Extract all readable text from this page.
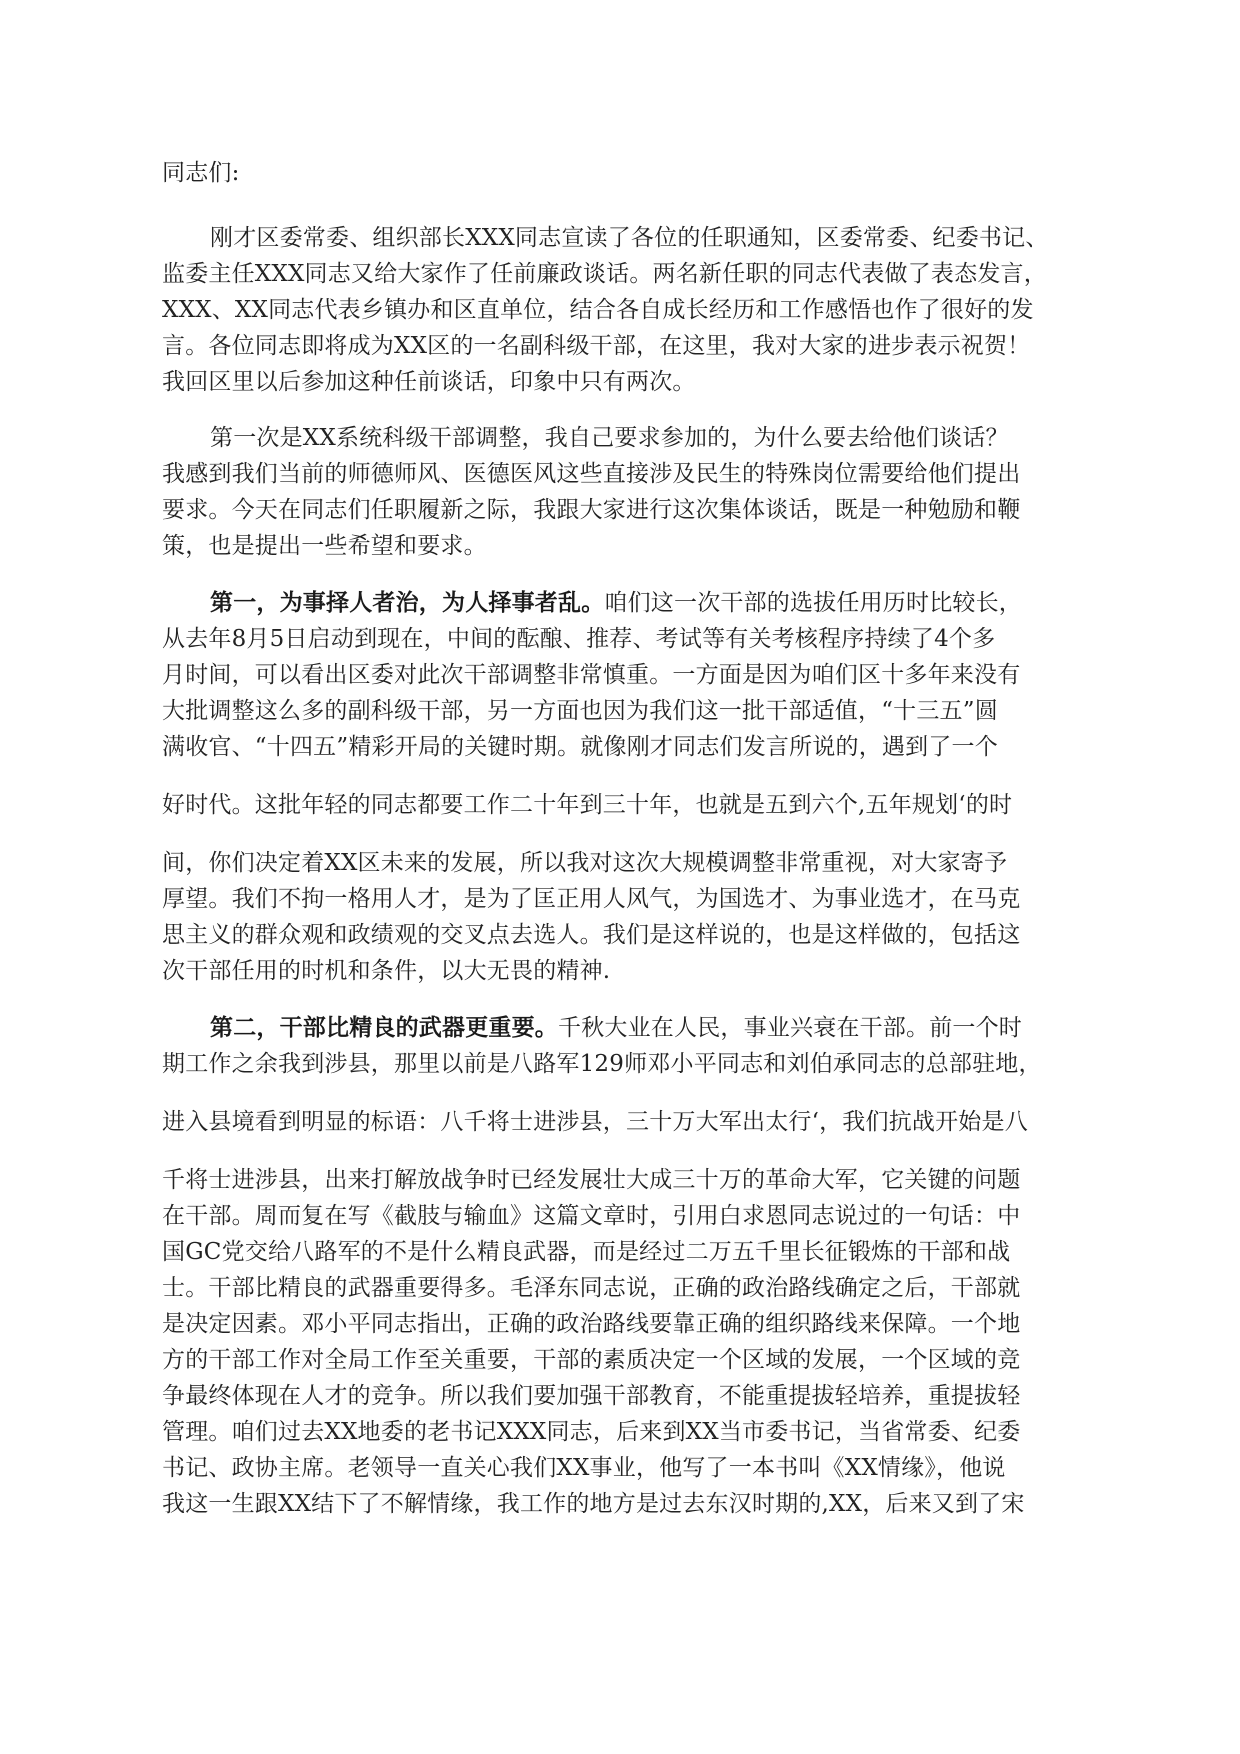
同志们:
刚才区委常委、组织部长XXX同志宣读了各位的任职通知，区委常委、纪委书记、
监委主任XXX同志又给大家作了任前廉政谈话。两名新任职的同志代表做了表态发言，
XXX、XX同志代表乡镇办和区直单位，结合各自成长经历和工作感悟也作了很好的发
言。各位同志即将成为XX区的一名副科级干部，在这里，我对大家的进步表示祝贺！
我回区里以后参加这种任前谈话，印象中只有两次。
第一次是XX系统科级干部调整，我自己要求参加的，为什么要去给他们谈话？
我感到我们当前的师德师风、医德医风这些直接涉及民生的特殊岗位需要给他们提出
要求。今天在同志们任职履新之际，我跟大家进行这次集体谈话，既是一种勉励和鞭
策，也是提出一些希望和要求。
第一，为事择人者治，为人择事者乱。咱们这一次干部的选拔任用历时比较长，
从去年8月5日启动到现在，中间的酝酿、推荐、考试等有关考核程序持续了4个多
月时间，可以看出区委对此次干部调整非常慎重。一方面是因为咱们区十多年来没有
大批调整这么多的副科级干部，另一方面也因为我们这一批干部适值，“十三五”圆
满收官、“十四五”精彩开局的关键时期。就像刚才同志们发言所说的，遇到了一个
好时代。这批年轻的同志都要工作二十年到三十年，也就是五到六个,五年规划‘的时
间，你们决定着XX区未来的发展，所以我对这次大规模调整非常重视，对大家寄予
厚望。我们不拘一格用人才，是为了匡正用人风气，为国选才、为事业选才，在马克
思主义的群众观和政绩观的交叉点去选人。我们是这样说的，也是这样做的，包括这
次干部任用的时机和条件，以大无畏的精神.
第二，干部比精良的武器更重要。千秋大业在人民，事业兴衰在干部。前一个时
期工作之余我到涉县，那里以前是八路军129师邓小平同志和刘伯承同志的总部驻地，
进入县境看到明显的标语：八千将士进涉县，三十万大军出太行‘，我们抗战开始是八
千将士进涉县，出来打解放战争时已经发展壮大成三十万的革命大军，它关键的问题
在干部。周而复在写《截肢与输血》这篇文章时，引用白求恩同志说过的一句话：中
国GC党交给八路军的不是什么精良武器，而是经过二万五千里长征锻炼的干部和战
士。干部比精良的武器重要得多。毛泽东同志说，正确的政治路线确定之后，干部就
是决定因素。邓小平同志指出，正确的政治路线要靠正确的组织路线来保障。一个地
方的干部工作对全局工作至关重要，干部的素质决定一个区域的发展，一个区域的竞
争最终体现在人才的竞争。所以我们要加强干部教育，不能重提拔轻培养，重提拔轻
管理。咱们过去XX地委的老书记XXX同志，后来到XX当市委书记，当省常委、纪委
书记、政协主席。老领导一直关心我们XX事业，他写了一本书叫《XX情缘》，他说
我这一生跟XX结下了不解情缘，我工作的地方是过去东汉时期的,XX，后来又到了宋
